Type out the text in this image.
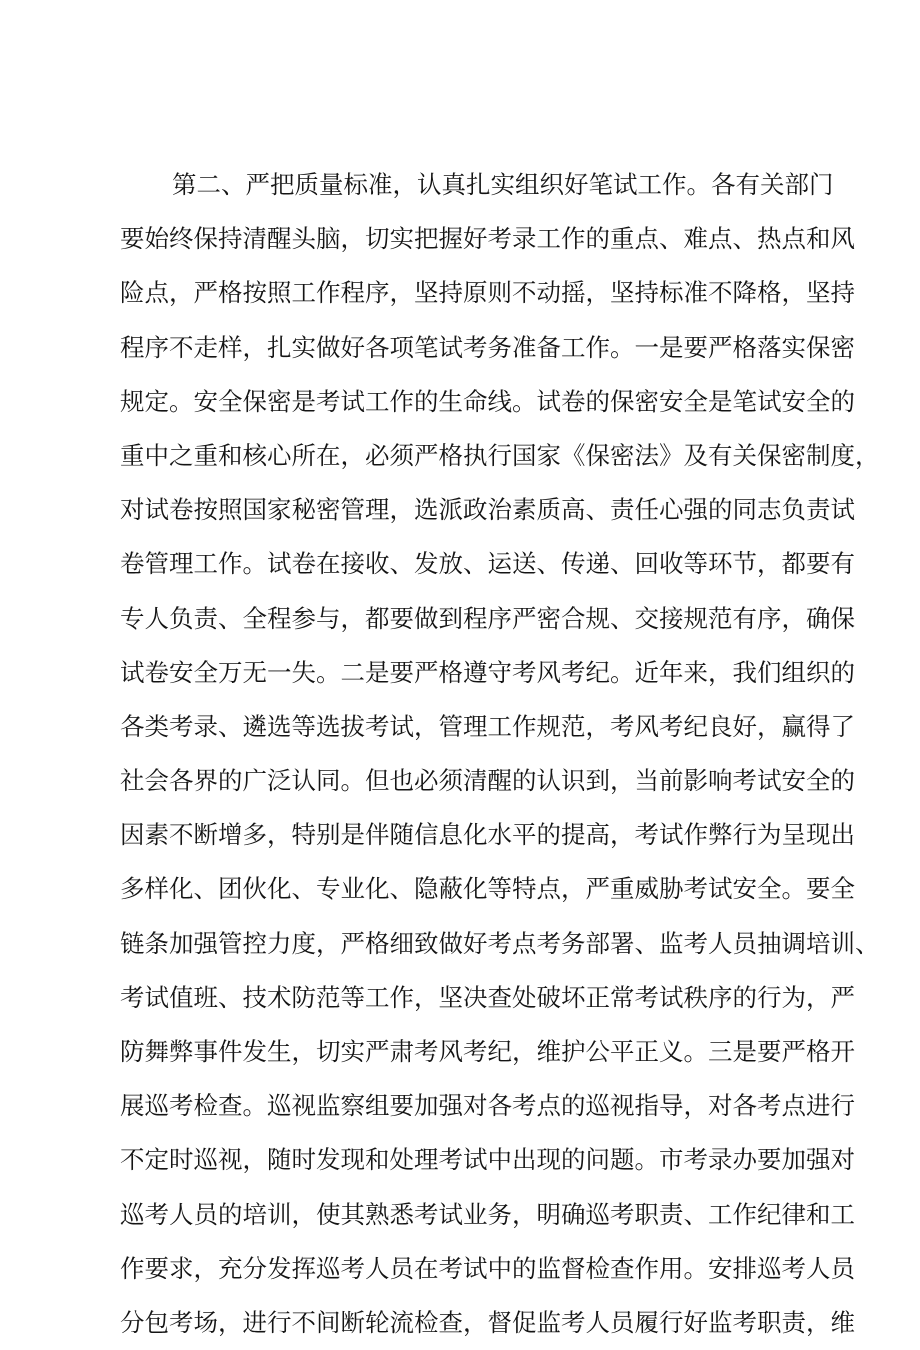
第二、严把质量标准，认真扎实组织好笔试工作。各有关部门
要始终保持清醒头脑，切实把握好考录工作的重点、难点、热点和风
险点，严格按照工作程序，坚持原则不动摇，坚持标准不降格，坚持
程序不走样，扎实做好各项笔试考务准备工作。一是要严格落实保密
规定。安全保密是考试工作的生命线。试卷的保密安全是笔试安全的
重中之重和核心所在，必须严格执行国家《保密法》及有关保密制度，
对试卷按照国家秘密管理，选派政治素质高、责任心强的同志负责试
卷管理工作。试卷在接收、发放、运送、传递、回收等环节，都要有
专人负责、全程参与，都要做到程序严密合规、交接规范有序，确保
试卷安全万无一失。二是要严格遵守考风考纪。近年来，我们组织的
各类考录、遴选等选拔考试，管理工作规范，考风考纪良好，赢得了
社会各界的广泛认同。但也必须清醒的认识到，当前影响考试安全的
因素不断增多，特别是伴随信息化水平的提高，考试作弊行为呈现出
多样化、团伙化、专业化、隐蔽化等特点，严重威胁考试安全。要全
链条加强管控力度，严格细致做好考点考务部署、监考人员抽调培训、
考试值班、技术防范等工作，坚决查处破坏正常考试秩序的行为，严
防舞弊事件发生，切实严肃考风考纪，维护公平正义。三是要严格开
展巡考检查。巡视监察组要加强对各考点的巡视指导，对各考点进行
不定时巡视，随时发现和处理考试中出现的问题。市考录办要加强对
巡考人员的培训，使其熟悉考试业务，明确巡考职责、工作纪律和工
作要求，充分发挥巡考人员在考试中的监督检查作用。安排巡考人员
分包考场，进行不间断轮流检查，督促监考人员履行好监考职责，维
